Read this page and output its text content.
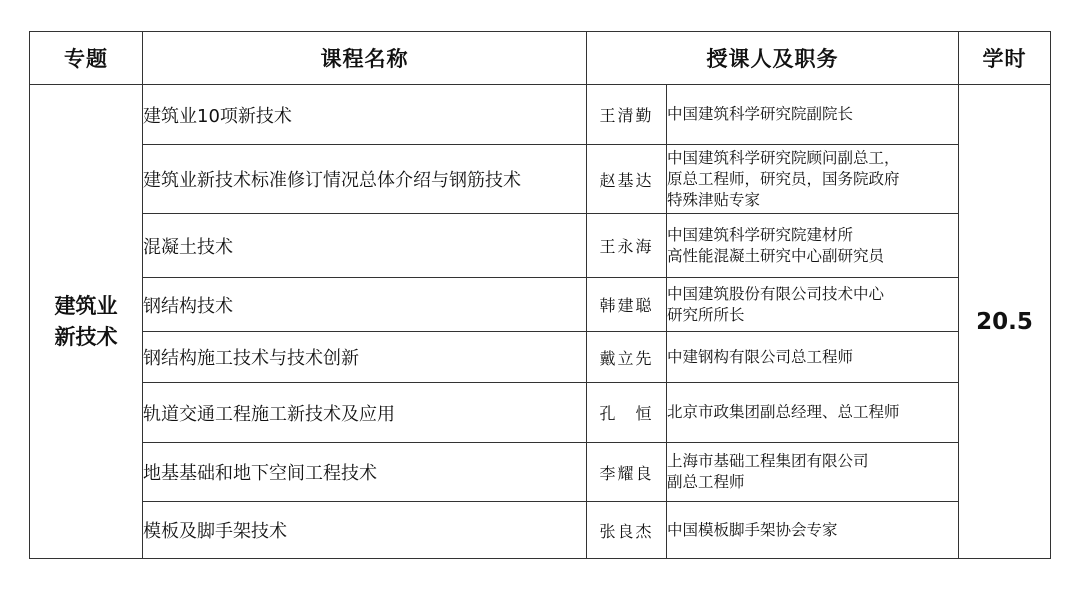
专题	课程名称	授课人及职务		学时

建筑业
新技术	建筑业10项新技术	王清勤	中国建筑科学研究院副院长	20.5
	建筑业新技术标准修订情况总体介绍与钢筋技术	赵基达	中国建筑科学研究院顾问副总工，
原总工程师，研究员，国务院政府
特殊津贴专家	

	混凝土技术	王永海	中国建筑科学研究院建材所
高性能混凝土研究中心副研究员	

	钢结构技术	韩建聪	中国建筑股份有限公司技术中心
研究所所长	

	钢结构施工技术与技术创新	戴立先	中建钢构有限公司总工程师	

	轨道交通工程施工新技术及应用	孔　恒	北京市政集团副总经理、总工程师	

	地基基础和地下空间工程技术	李耀良	上海市基础工程集团有限公司
副总工程师	

	模板及脚手架技术	张良杰	中国模板脚手架协会专家	
